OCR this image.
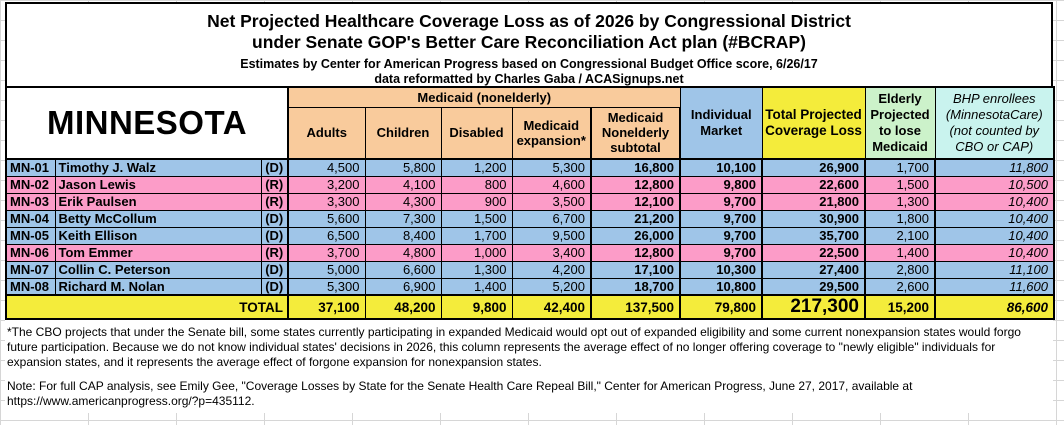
Net Projected Healthcare Coverage Loss as of 2026 by Congressional District
under Senate GOP's Better Care Reconciliation Act plan (#BCRAP)
Estimates by Center for American Progress based on Congressional Budget Office score, 6/26/17
data reformatted by Charles Gaba / ACASignups.net
MINNESOTA			Medicaid (nonelderly)					Individual Market	Total Projected Coverage Loss	Elderly Projected to lose Medicaid	BHP enrollees (MinnesotaCare) (not counted by CBO or CAP)
			Adults	Children	Disabled	Medicaid expansion*	Medicaid Nonelderly subtotal				
MN-01	Timothy J. Walz	(D)	4,500	5,800	1,200	5,300	16,800	10,100	26,900	1,700	11,800
MN-02	Jason Lewis	(R)	3,200	4,100	800	4,600	12,800	9,800	22,600	1,500	10,500
MN-03	Erik Paulsen	(R)	3,300	4,300	900	3,500	12,100	9,700	21,800	1,300	10,400
MN-04	Betty McCollum	(D)	5,600	7,300	1,500	6,700	21,200	9,700	30,900	1,800	10,400
MN-05	Keith Ellison	(D)	6,500	8,400	1,700	9,500	26,000	9,700	35,700	2,100	10,400
MN-06	Tom Emmer	(R)	3,700	4,800	1,000	3,400	12,800	9,700	22,500	1,400	10,400
MN-07	Collin C. Peterson	(D)	5,000	6,600	1,300	4,200	17,100	10,300	27,400	2,800	11,100
MN-08	Richard M. Nolan	(D)	5,300	6,900	1,400	5,200	18,700	10,800	29,500	2,600	11,600
TOTAL			37,100	48,200	9,800	42,400	137,500	79,800	217,300	15,200	86,600

*The CBO projects that under the Senate bill, some states currently participating in expanded Medicaid would opt out of expanded eligibility and some current nonexpansion states would forgo future participation. Because we do not know individual states' decisions in 2026, this column represents the average effect of no longer offering coverage to "newly eligible" individuals for expansion states, and it represents the average effect of forgone expansion for nonexpansion states.

Note: For full CAP analysis, see Emily Gee, "Coverage Losses by State for the Senate Health Care Repeal Bill," Center for American Progress, June 27, 2017, available at https://www.americanprogress.org/?p=435112.
